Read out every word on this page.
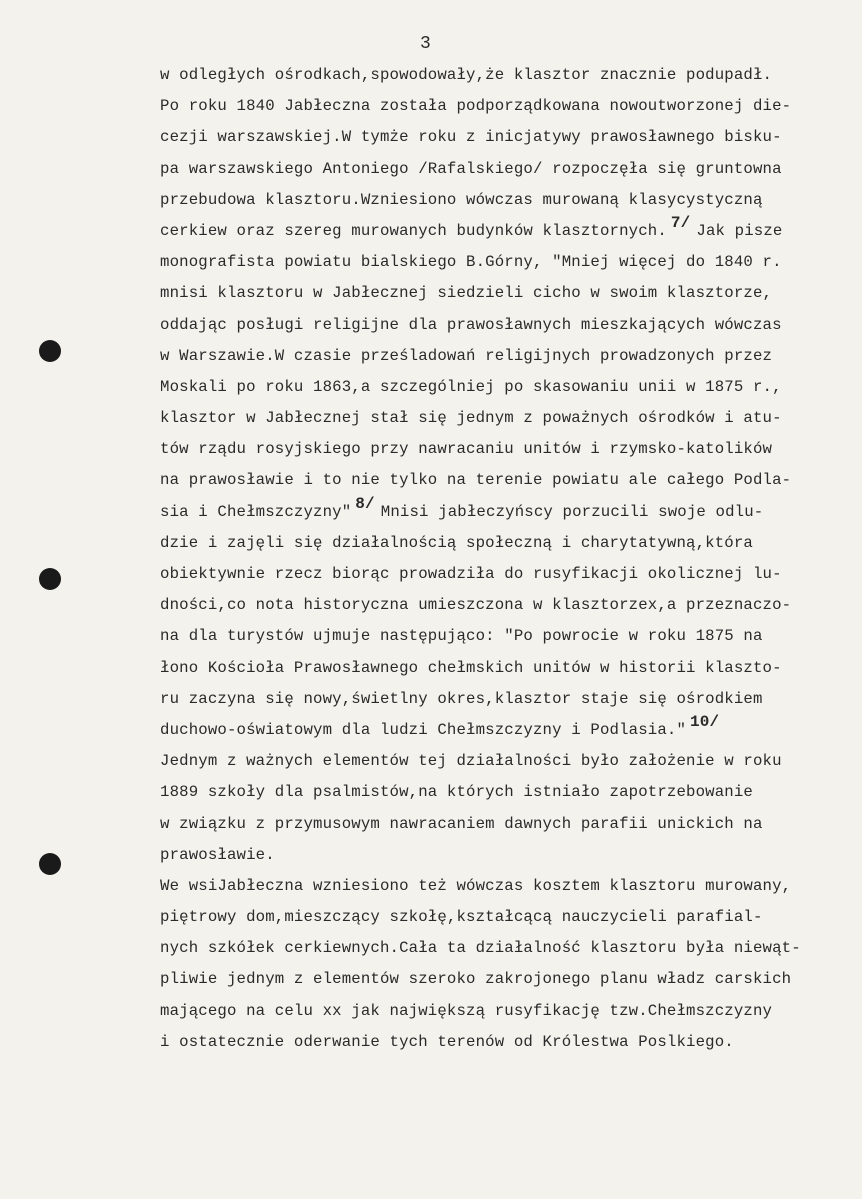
3
w odległych ośrodkach,spowodowały,że klasztor znacznie podupadł.
Po roku 1840 Jabłeczna została podporządkowana nowoutworzonej die-
cezji warszawskiej.W tymże roku z inicjatywy prawosławnego bisku-
pa warszawskiego Antoniego /Rafalskiego/ rozpoczęła się gruntowna
przebudowa klasztoru.Wzniesiono wówczas murowaną klasycystyczną
cerkiew oraz szereg murowanych budynków klasztornych. 7/ Jak pisze
monografista powiatu bialskiego B.Górny, "Mniej więcej do 1840 r.
mnisi klasztoru w Jabłecznej siedzieli cicho w swoim klasztorze,
oddając posługi religijne dla prawosławnych mieszkających wówczas
w Warszawie.W czasie prześladowań religijnych prowadzonych przez
Moskali po roku 1863,a szczególniej po skasowaniu unii w 1875 r.,
klasztor w Jabłecznej stał się jednym z poważnych ośrodków i atu-
tów rządu rosyjskiego przy nawracaniu unitów i rzymsko-katolików
na prawosławie i to nie tylko na terenie powiatu ale całego Podla-
sia i Chełmszczyzny" 8/ Mnisi jabłeczyńscy porzucili swoje odlu-
dzie i zajęli się działalnością społeczną i charytatywną,która
obiektywnie rzecz biorąc prowadziła do rusyfikacji okolicznej lu-
dności,co nota historyczna umieszczona w klasztorzex,a przeznaczo-
na dla turystów ujmuje następująco: "Po powrocie w roku 1875 na
łono Kościoła Prawosławnego chełmskich unitów w historii klaszto-
ru zaczyna się nowy,świetlny okres,klasztor staje się ośrodkiem
duchowo-oświatowym dla ludzi Chełmszczyzny i Podlasia." 10/
Jednym z ważnych elementów tej działalności było założenie w roku
1889 szkoły dla psalmistów,na których istniało zapotrzebowanie
w związku z przymusowym nawracaniem dawnych parafii unickich na
prawosławie.
We wsiJabłeczna wzniesiono też wówczas kosztem klasztoru murowany,
piętrowy dom,mieszczący szkołę,kształcącą nauczycieli parafial-
nych szkółek cerkiewnych.Cała ta działalność klasztoru była niewąt-
pliwie jednym z elementów szeroko zakrojonego planu władz carskich
mającego na celu xx jak największą rusyfikację tzw.Chełmszczyzny
i ostatecznie oderwanie tych terenów od Królestwa Poslkiego.
